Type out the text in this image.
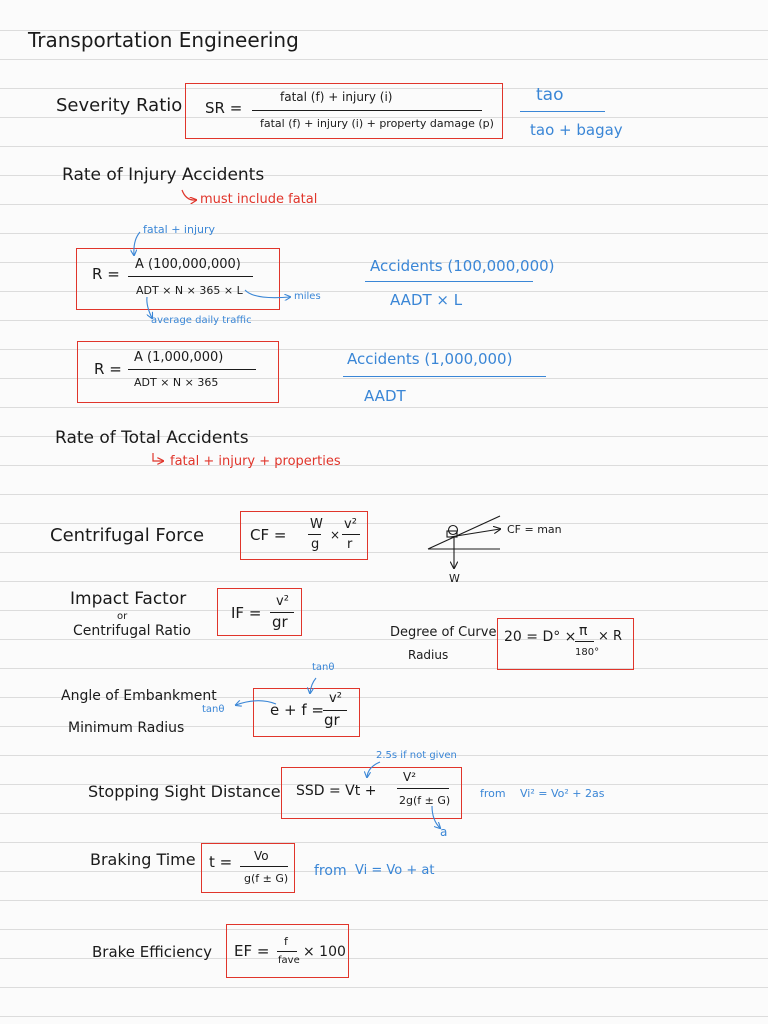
Transportation Engineering
Severity Ratio SR =
fatal (f) + injury (i)
fatal (f) + injury (i) + property damage (p)
tao
tao + bagay
Rate of Injury Accidents
must include fatal
fatal + injury
R =
A (100,000,000)
ADT × N × 365 × L	miles
average daily traffic
Accidents (100,000,000)
AADT × L
R =
A (1,000,000)
ADT × N × 365
Accidents (1,000,000)
AADT
Rate of Total Accidents
fatal + injury + properties
Centrifugal Force	CF =
W
g
×
v²
r
CF = man
W
Impact Factor
or
Centrifugal Ratio
IF =
v²
gr
Degree of Curve
Radius
20 = D° × π
180°
× R
Angle of Embankment
Minimum Radius
tanθ
tanθ	e + f =
v²
gr
Stopping Sight Distance
2.5s if not given
SSD = Vt +
V²
2g(f ± G)
a
from Vi² = Vo² + 2as
Braking Time t = Vo
g(f ± G) from Vi = Vo + at
Brake Efficiency EF =
f
fave
× 100
